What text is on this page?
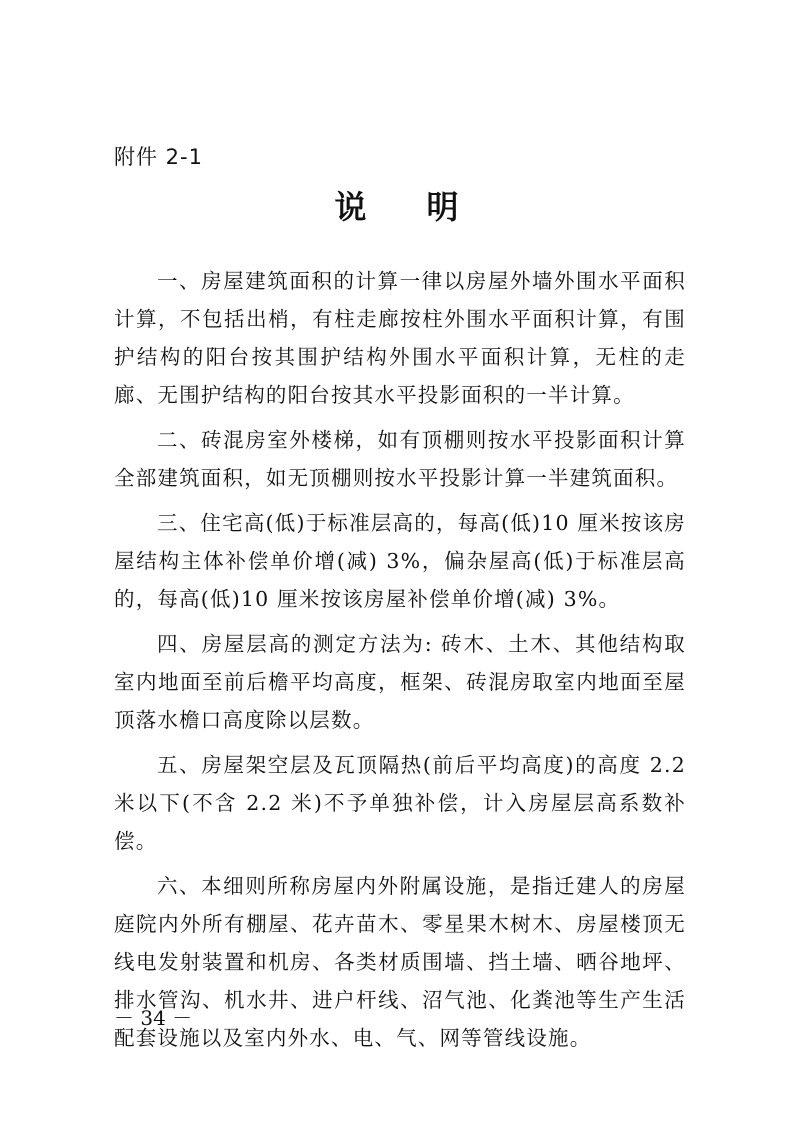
附件 2-1
说明

一、房屋建筑面积的计算一律以房屋外墙外围水平面积计算，不包括出梢，有柱走廊按柱外围水平面积计算，有围护结构的阳台按其围护结构外围水平面积计算，无柱的走廊、无围护结构的阳台按其水平投影面积的一半计算。

二、砖混房室外楼梯，如有顶棚则按水平投影面积计算全部建筑面积，如无顶棚则按水平投影计算一半建筑面积。

三、住宅高(低)于标准层高的，每高(低)10 厘米按该房屋结构主体补偿单价增(减) 3%，偏杂屋高(低)于标准层高的，每高(低)10 厘米按该房屋补偿单价增(减) 3%。

四、房屋层高的测定方法为: 砖木、土木、其他结构取室内地面至前后檐平均高度，框架、砖混房取室内地面至屋顶落水檐口高度除以层数。

五、房屋架空层及瓦顶隔热(前后平均高度)的高度 2.2 米以下(不含 2.2 米)不予单独补偿，计入房屋层高系数补偿。

六、本细则所称房屋内外附属设施，是指迁建人的房屋庭院内外所有棚屋、花卉苗木、零星果木树木、房屋楼顶无线电发射装置和机房、各类材质围墙、挡土墙、晒谷地坪、排水管沟、机水井、进户杆线、沼气池、化粪池等生产生活配套设施以及室内外水、电、气、网等管线设施。

－ 34 －
